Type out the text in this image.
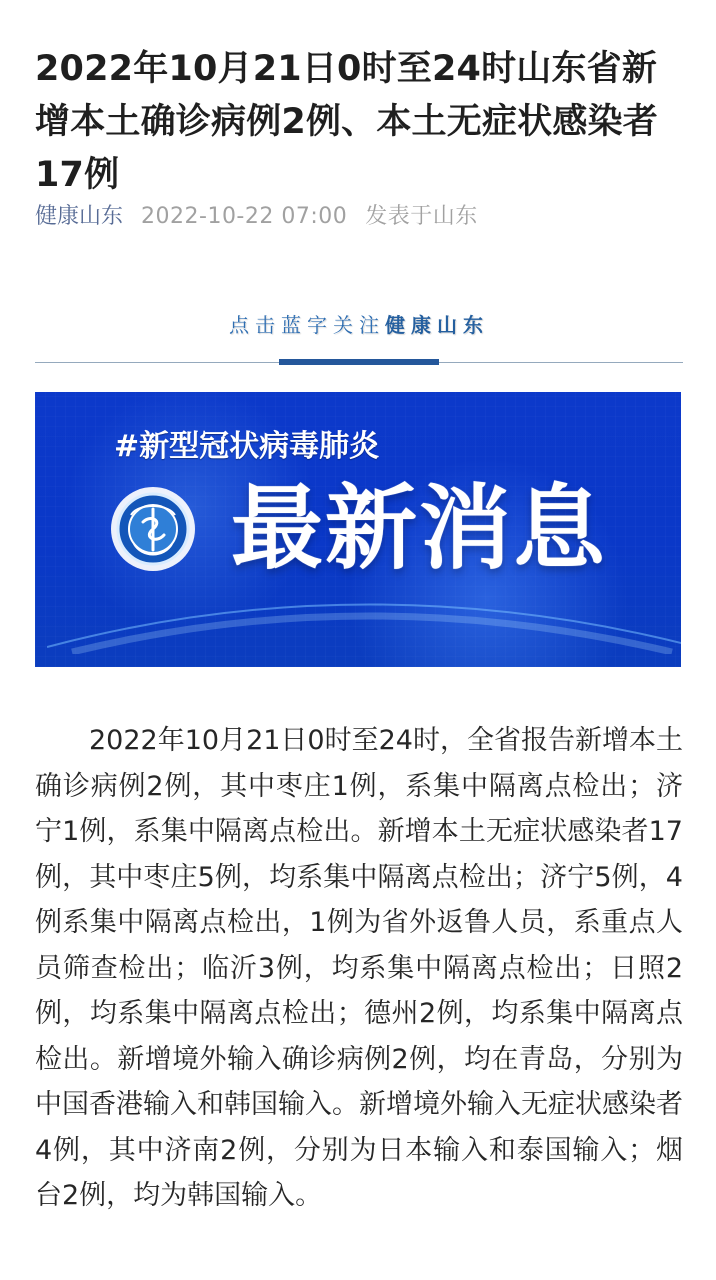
2022年10月21日0时至24时山东省新增本土确诊病例2例、本土无症状感染者17例
健康山东 2022-10-22 07:00 发表于山东
点击蓝字关注健康山东
#新型冠状病毒肺炎
最新消息

2022年10月21日0时至24时，全省报告新增本土确诊病例2例，其中枣庄1例，系集中隔离点检出；济宁1例，系集中隔离点检出。新增本土无症状感染者17例，其中枣庄5例，均系集中隔离点检出；济宁5例，4例系集中隔离点检出，1例为省外返鲁人员，系重点人员筛查检出；临沂3例，均系集中隔离点检出；日照2例，均系集中隔离点检出；德州2例，均系集中隔离点检出。新增境外输入确诊病例2例，均在青岛，分别为中国香港输入和韩国输入。新增境外输入无症状感染者4例，其中济南2例，分别为日本输入和泰国输入；烟台2例，均为韩国输入。
